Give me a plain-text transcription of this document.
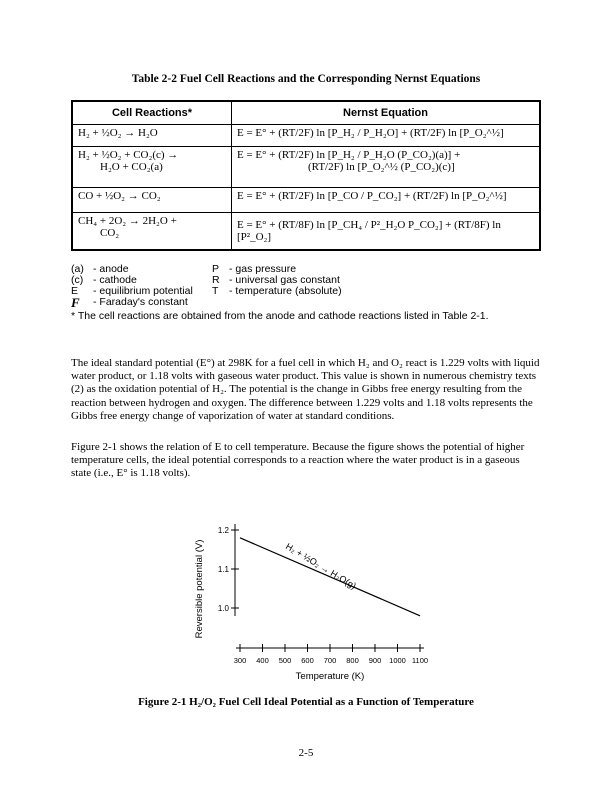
Table 2-2 Fuel Cell Reactions and the Corresponding Nernst Equations
Cell Reactions*	Nernst Equation
H₂ + ½O₂ → H₂O	E = E° + (RT/2F) ln [P_H₂ / P_H₂O] + (RT/2F) ln [P_O₂^½]
H₂ + ½O₂ + CO₂(c) →
H₂O + CO₂(a)	E = E° + (RT/2F) ln [P_H₂ / P_H₂O (P_CO₂)(a)] +
(RT/2F) ln [P_O₂^½ (P_CO₂)(c)]

CO + ½O₂ → CO₂	E = E° + (RT/2F) ln [P_CO / P_CO₂] + (RT/2F) ln [P_O₂^½]
CH₄ + 2O₂ → 2H₂O +
CO₂	E = E° + (RT/8F) ln [P_CH₄ / P²_H₂O P_CO₂] + (RT/8F) ln [P²_O₂]
(a) - anode	P - gas pressure
(c) - cathode	R - universal gas constant
E - equilibrium potential T - temperature (absolute)
F - Faraday's constant
* The cell reactions are obtained from the anode and cathode reactions listed in Table 2-1.

The ideal standard potential (E°) at 298K for a fuel cell in which H₂ and O₂ react is 1.229 volts with liquid water product, or 1.18 volts with gaseous water product. This value is shown in numerous chemistry texts (2) as the oxidation potential of H₂. The potential is the change in Gibbs free energy resulting from the reaction between hydrogen and oxygen. The difference between 1.229 volts and 1.18 volts represents the Gibbs free energy change of vaporization of water at standard conditions.

Figure 2-1 shows the relation of E to cell temperature. Because the figure shows the potential of higher temperature cells, the ideal potential corresponds to a reaction where the water product is in a gaseous state (i.e., E° is 1.18 volts).

1.0
1.1
1.2
300 400 500 600 700 800 900 1000 1100
Temperature (K)
Reversible potential (V)	H₂ + ½O₂ → H₂O(g)
Figure 2-1 H₂/O₂ Fuel Cell Ideal Potential as a Function of Temperature
2-5
